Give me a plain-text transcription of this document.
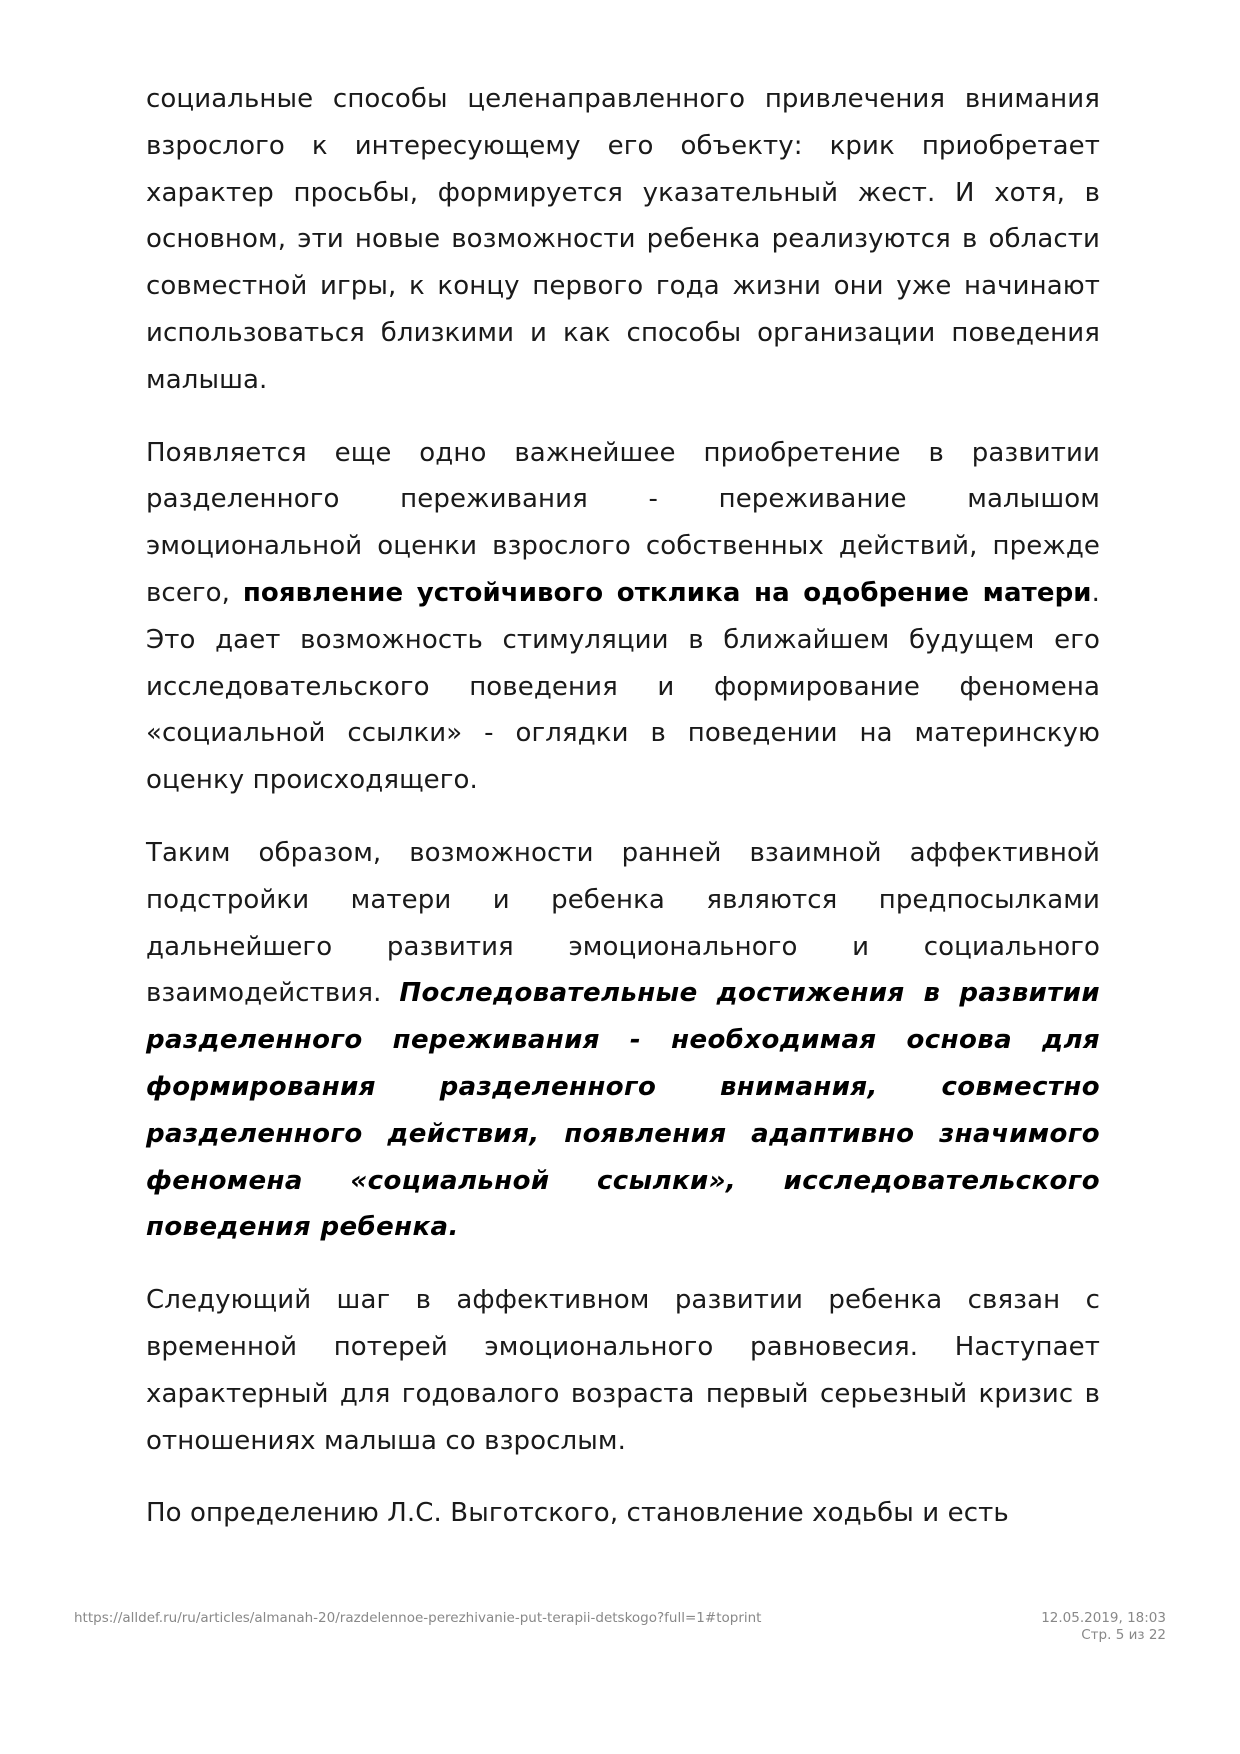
социальные способы целенаправленного привлечения внимания взрослого к интересующему его объекту: крик приобретает характер просьбы, формируется указательный жест. И хотя, в основном, эти новые возможности ребенка реализуются в области совместной игры, к концу первого года жизни они уже начинают использоваться близкими и как способы организации поведения малыша.

Появляется еще одно важнейшее приобретение в развитии разделенного переживания - переживание малышом эмоциональной оценки взрослого собственных действий, прежде всего, появление устойчивого отклика на одобрение матери. Это дает возможность стимуляции в ближайшем будущем его исследовательского поведения и формирование феномена «социальной ссылки» - оглядки в поведении на материнскую оценку происходящего.

Таким образом, возможности ранней взаимной аффективной подстройки матери и ребенка являются предпосылками дальнейшего развития эмоционального и социального взаимодействия. Последовательные достижения в развитии разделенного переживания - необходимая основа для формирования разделенного внимания, совместно разделенного действия, появления адаптивно значимого феномена «социальной ссылки», исследовательского поведения ребенка.

Следующий шаг в аффективном развитии ребенка связан с временной потерей эмоционального равновесия. Наступает характерный для годовалого возраста первый серьезный кризис в отношениях малыша со взрослым.

По определению Л.С. Выготского, становление ходьбы и есть

https://alldef.ru/ru/articles/almanah-20/razdelennoe-perezhivanie-put-terapii-detskogo?full=1#toprint	12.05.2019, 18:03
Стр. 5 из 22
